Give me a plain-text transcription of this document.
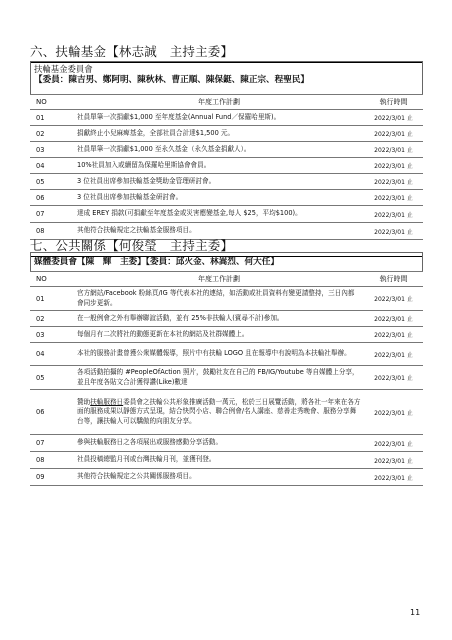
六、扶輪基金【林志誠　主持主委】
扶輪基金委員會
【委員：陳吉男、鄭阿明、陳秋林、曹正順、陳保鋌、陳正宗、程聖民】
NO	年度工作計劃	執行時間
01	社員單筆一次捐獻$1,000 至年度基金(Annual Fund／保羅哈里斯)。	2022/3/01 止
02	捐獻終止小兒麻痺基金，全部社員合計達$1,500 元。	2022/3/01 止
03	社員單筆一次捐獻$1,000 至永久基金（永久基金捐獻人）。	2022/3/01 止
04	10%社員加入或續留為保羅哈里斯協會會員。	2022/3/01 止
05	3 位社員出席參加扶輪基金獎助金管理研討會。	2022/3/01 止
06	3 位社員出席參加扶輪基金研討會。	2022/3/01 止
07	達成 EREY 捐款(可捐獻至年度基金或災害應變基金,每人 $25，平均$100)。	2022/3/01 止
08	其他符合扶輪規定之扶輪基金服務項目。	2022/3/01 止
七、公共關係【何俊瑩　主持主委】
媒體委員會【陳　輝　主委】【委員：邱火金、林嵩烈、何大任】
NO	年度工作計劃	執行時間
01	官方網站/Facebook 粉絲頁/IG 等代表本社的連結，如活動或社員資料有變更請整持，三日內都會同步更新。	2022/3/01 止
02	在一般例會之外有舉辦聯誼活動，並有 25%非扶輪人(賓尋不計)參加。	2022/3/01 止
03	每個月有二次將社的動態更新在本社的網站及社群媒體上。	2022/3/01 止
04	本社的服務計畫曾獲公衆媒體報導，照片中有扶輪 LOGO 且在報導中有說明為本扶輪社舉辦。	2022/3/01 止
05	各項活動拍攝的 #PeopleOfAction 照片，鼓勵社友在自己的 FB/IG/Youtube 等自媒體上分享，並且年度各貼文合計獲得讚(Like)數達	2022/3/01 止
06	贊助扶輪服務日委員會之扶輪公共形象推廣活動一萬元，松於三日展覽活動，將各社一年來在各方面的服務成果以靜態方式呈現，結合快閃小店、聯合例會/名人講座、慈善走秀晚會、服務分享舞台等，讓扶輪人可以驕傲的向朋友分享。	2022/3/01 止
07	參與扶輪服務日之各項展出或服務感動分享活動。	2022/3/01 止
08	社員投稿總監月刊或台灣扶輪月刊，並獲刊登。	2022/3/01 止
09	其他符合扶輪規定之公共關係服務項目。	2022/3/01 止
11
